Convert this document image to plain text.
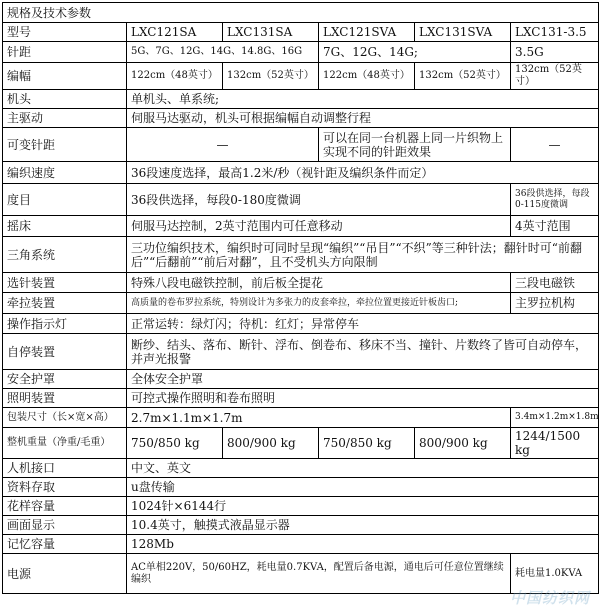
规格及技术参数					
型号	LXC121SA	LXC131SA	LXC121SVA	LXC131SVA	LXC131-3.5
针距	5G、7G、12G、14G、14.8G、16G		7G、12G、14G;		3.5G
编幅	122cm（48英寸）	132cm（52英寸）	122cm（48英寸）	132cm（52英寸）	132cm（52英寸）
机头	单机头、单系统;				
主驱动	伺服马达驱动，机头可根据编幅自动调整行程				
可变针距	—		可以在同一台机器上同一片织物上实现不同的针距效果		—
编织速度	36段速度选择，最高1.2米/秒（视针距及编织条件而定）				
度目	36段供选择，每段0-180度微调				36段供选择，每段0-115度微调
摇床	伺服马达控制，2英寸范围内可任意移动				4英寸范围
三角系统	三功位编织技术，编织时可同时呈现“编织”“吊目”“不织”等三种针法；翻针时可“前翻后”“后翻前”“前后对翻”，且不受机头方向限制				
选针装置	特殊八段电磁铁控制，前后板全提花				三段电磁铁
牵拉装置	高质量的卷布罗拉系统，特别设计为多张力的皮套牵拉，牵拉位置更接近针板齿口;				主罗拉机构
操作指示灯	正常运转：绿灯闪；待机：红灯；异常停车				
自停装置	断纱、结头、落布、断针、浮布、倒卷布、移床不当、撞针、片数终了皆可自动停车，并声光报警				
安全护罩	全体安全护罩				
照明装置	可控式操作照明和卷布照明				
包装尺寸（长×宽×高）	2.7m×1.1m×1.7m				3.4m×1.2m×1.8m
整机重量（净重/毛重）	750/850 kg	800/900 kg	750/850 kg	800/900 kg	1244/1500 kg
人机接口	中文、英文				
资料存取	u盘传输				
花样容量	1024针×6144行				
画面显示	10.4英寸，触摸式液晶显示器				
记忆容量	128Mb				
电源	AC单相220V，50/60HZ，耗电量0.7KVA，配置后备电源，通电后可任意位置继续编织				耗电量1.0KVA
中国纺织网
